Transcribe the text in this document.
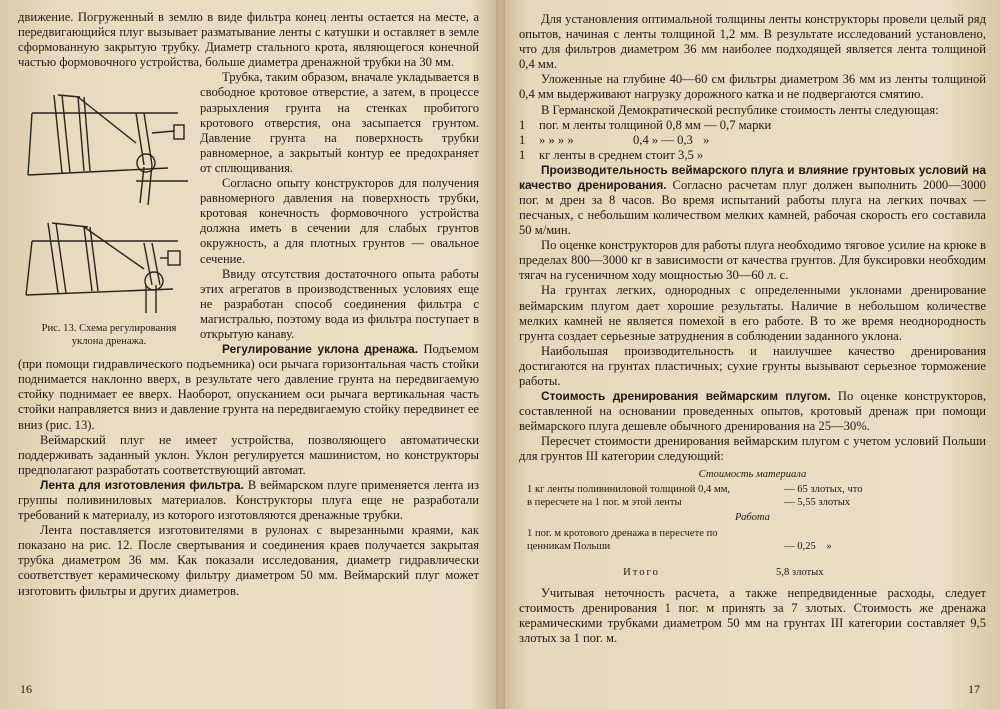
движение. Погруженный в землю в виде фильтра конец ленты остается на месте, а передвигающийся плуг вызывает разматывание ленты с катушки и оставляет в земле сформованную закрытую трубку. Диаметр стального крота, являющегося конечной частью формовочного устройства, больше диаметра дренажной трубки на 30 мм.

Рис. 13. Схема регулирования уклона дренажа.

Трубка, таким образом, вначале укладывается в свободное кротовое отверстие, а затем, в процессе разрыхления грунта на стенках пробитого кротового отверстия, она засыпается грунтом. Давление грунта на поверхность трубки равномерное, а закрытый контур ее предохраняет от сплющивания.

Согласно опыту конструкторов для получения равномерного давления на поверхность трубки, кротовая конечность формовочного устройства должна иметь в сечении для слабых грунтов окружность, а для плотных грунтов — овальное сечение.

Ввиду отсутствия достаточного опыта работы этих агрегатов в производственных условиях еще не разработан способ соединения фильтра с магистралью, поэтому вода из фильтра поступает в открытую канаву.

Регулирование уклона дренажа. Подъемом (при помощи гидравлического подъемника) оси рычага горизонтальная часть стойки поднимается наклонно вверх, в результате чего давление грунта на передвигаемую стойку поднимает ее вверх. Наоборот, опусканием оси рычага вертикальная часть стойки направляется вниз и давление грунта на передвигаемую стойку передвинет ее вниз (рис. 13).

Веймарский плуг не имеет устройства, позволяющего автоматически поддерживать заданный уклон. Уклон регулируется машинистом, но конструкторы предполагают разработать соответствующий автомат.

Лента для изготовления фильтра. В веймарском плуге применяется лента из группы поливиниловых материалов. Конструкторы плуга еще не разработали требований к материалу, из которого изготовляются дренажные трубки.

Лента поставляется изготовителями в рулонах с вырезанными краями, как показано на рис. 12. После свертывания и соединения краев получается закрытая трубка диаметром 36 мм. Как показали исследования, диаметр гидравлически соответствует керамическому фильтру диаметром 50 мм. Веймарский плуг может изготовить фильтры и других диаметров.

16

Для установления оптимальной толщины ленты конструкторы провели целый ряд опытов, начиная с ленты толщиной 1,2 мм. В результате исследований установлено, что для фильтров диаметром 36 мм наиболее подходящей является лента толщиной 0,4 мм.

Уложенные на глубине 40—60 см фильтры диаметром 36 мм из ленты толщиной 0,4 мм выдерживают нагрузку дорожного катка и не подвергаются смятию.

В Германской Демократической республике стоимость ленты следующая:

1	пог. м ленты толщиной 0,8 мм — 0,7 марки
1	» » » »	0,4 » — 0,3 »
1	кг ленты в среднем стоит 3,5 »

Производительность веймарского плуга и влияние грунтовых условий на качество дренирования. Согласно расчетам плуг должен выполнить 2000—3000 пог. м дрен за 8 часов. Во время испытаний работы плуга на легких почвах — песчаных, с небольшим количеством мелких камней, рабочая скорость его составила 50 м/мин.

По оценке конструкторов для работы плуга необходимо тяговое усилие на крюке в пределах 800—3000 кг в зависимости от качества грунтов. Для буксировки необходим тягач на гусеничном ходу мощностью 30—60 л. с.

На грунтах легких, однородных с определенными уклонами дренирование веймарским плугом дает хорошие результаты. Наличие в небольшом количестве мелких камней не является помехой в его работе. В то же время неоднородность грунта создает серьезные затруднения в соблюдении заданного уклона.

Наибольшая производительность и наилучшее качество дренирования достигаются на грунтах пластичных; сухие грунты вызывают серьезное торможение работы.

Стоимость дренирования веймарским плугом. По оценке конструкторов, составленной на основании проведенных опытов, кротовый дренаж при помощи веймарского плуга дешевле обычного дренирования на 25—30%.

Пересчет стоимости дренирования веймарским плугом с учетом условий Польши для грунтов III категории следующий:

Стоимость материала
1 кг ленты поливиниловой толщиной 0,4 мм,	— 65 злотых, что
в пересчете на 1 пог. м этой ленты	— 5,55 злотых
Работа
1 пог. м кротового дренажа в пересчете по
ценникам Польши	— 0,25 »
Итого	5,8 злотых

Учитывая неточность расчета, а также непредвиденные расходы, следует стоимость дренирования 1 пог. м принять за 7 злотых. Стоимость же дренажа керамическими трубками диаметром 50 мм на грунтах III категории составляет 9,5 злотых за 1 пог. м.

17
